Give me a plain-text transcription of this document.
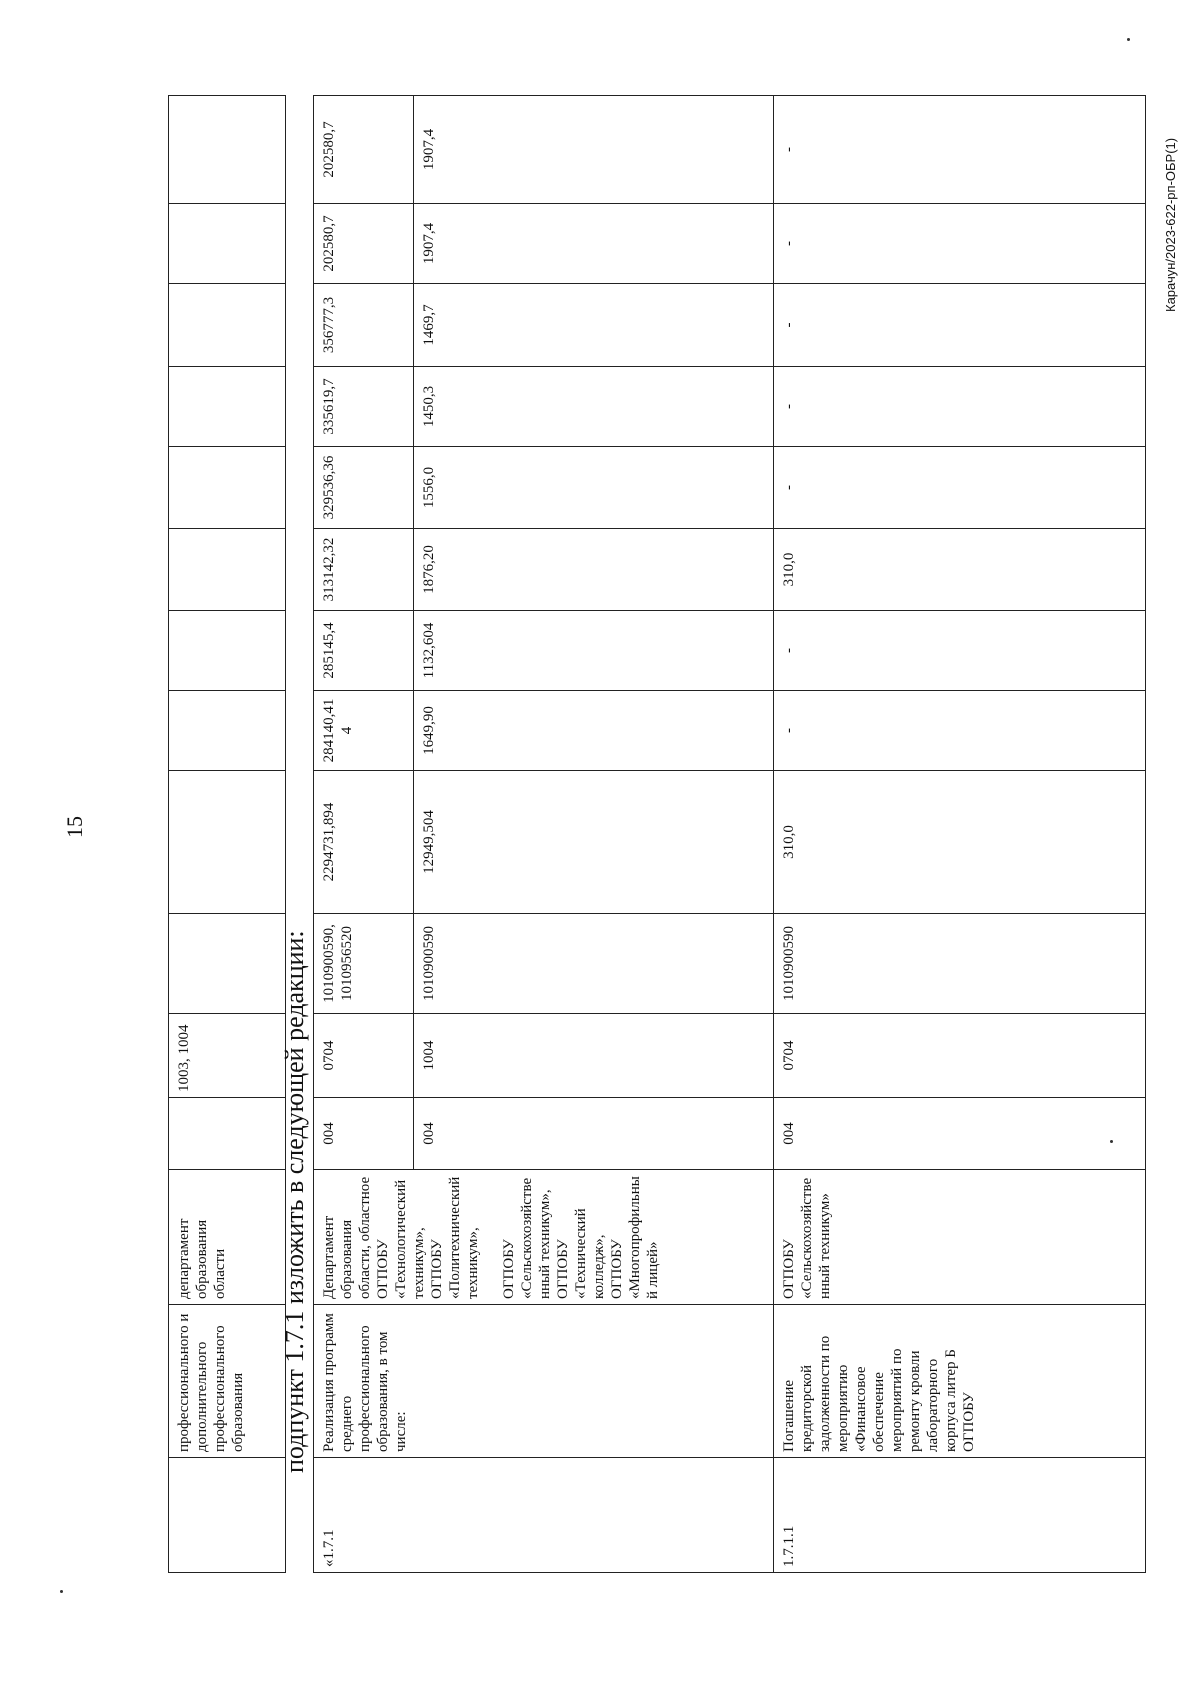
15
Карачун/2023-622-рп-ОБР(1)
	профессионального и дополнительного профессионального образования	департамент образования области		1003, 1004											подпункт 1.7.1 изложить в следующей редакции:
«1.7.1	Реализация программ среднего профессионального образования, в том числе:	Департамент образования области, областное ОГПОБУ «Технологический техникум», ОГПОБУ «Политехнический техникум», ОГПОБУ «Сельскохозяйственный техникум», ОГПОБУ «Технический колледж», ОГПОБУ «Многопрофильный лицей»	004	0704	1010900590, 1010956520	2294731,894	284140,414	285145,4	313142,32	329536,36	335619,7	356777,3	202580,7	202580,7
			004	1004	1010900590	12949,504	1649,90	1132,604	1876,20	1556,0	1450,3	1469,7	1907,4	1907,4
1.7.1.1	Погашение кредиторской задолженности по мероприятию «Финансовое обеспечение мероприятий по ремонту кровли лабораторного корпуса литер Б ОГПОБУ	ОГПОБУ «Сельскохозяйственный техникум»	004	0704	1010900590	310,0	-	-	310,0	-	-	-	-	-
